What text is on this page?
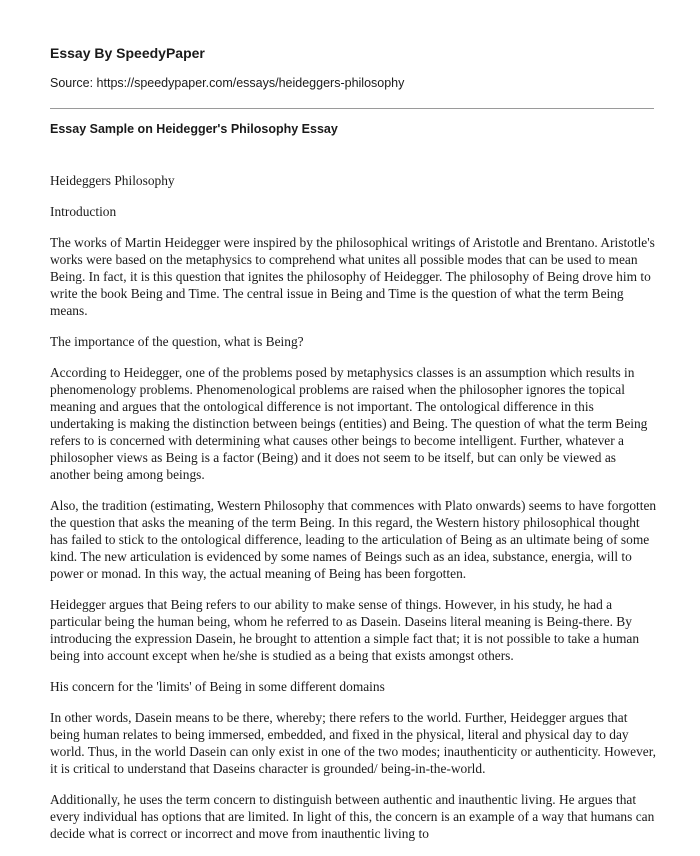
Essay By SpeedyPaper
Source: https://speedypaper.com/essays/heideggers-philosophy
Essay Sample on Heidegger's Philosophy Essay

Heideggers Philosophy

Introduction

The works of Martin Heidegger were inspired by the philosophical writings of Aristotle and Brentano. Aristotle's works were based on the metaphysics to comprehend what unites all possible modes that can be used to mean Being. In fact, it is this question that ignites the philosophy of Heidegger. The philosophy of Being drove him to write the book Being and Time. The central issue in Being and Time is the question of what the term Being means.

The importance of the question, what is Being?

According to Heidegger, one of the problems posed by metaphysics classes is an assumption which results in phenomenology problems. Phenomenological problems are raised when the philosopher ignores the topical meaning and argues that the ontological difference is not important. The ontological difference in this undertaking is making the distinction between beings (entities) and Being. The question of what the term Being refers to is concerned with determining what causes other beings to become intelligent. Further, whatever a philosopher views as Being is a factor (Being) and it does not seem to be itself, but can only be viewed as another being among beings.

Also, the tradition (estimating, Western Philosophy that commences with Plato onwards) seems to have forgotten the question that asks the meaning of the term Being. In this regard, the Western history philosophical thought has failed to stick to the ontological difference, leading to the articulation of Being as an ultimate being of some kind. The new articulation is evidenced by some names of Beings such as an idea, substance, energia, will to power or monad. In this way, the actual meaning of Being has been forgotten.

Heidegger argues that Being refers to our ability to make sense of things. However, in his study, he had a particular being the human being, whom he referred to as Dasein. Daseins literal meaning is Being-there. By introducing the expression Dasein, he brought to attention a simple fact that; it is not possible to take a human being into account except when he/she is studied as a being that exists amongst others.

His concern for the 'limits' of Being in some different domains

In other words, Dasein means to be there, whereby; there refers to the world. Further, Heidegger argues that being human relates to being immersed, embedded, and fixed in the physical, literal and physical day to day world. Thus, in the world Dasein can only exist in one of the two modes; inauthenticity or authenticity. However, it is critical to understand that Daseins character is grounded/ being-in-the-world.

Additionally, he uses the term concern to distinguish between authentic and inauthentic living. He argues that every individual has options that are limited. In light of this, the concern is an example of a way that humans can decide what is correct or incorrect and move from inauthentic living to
